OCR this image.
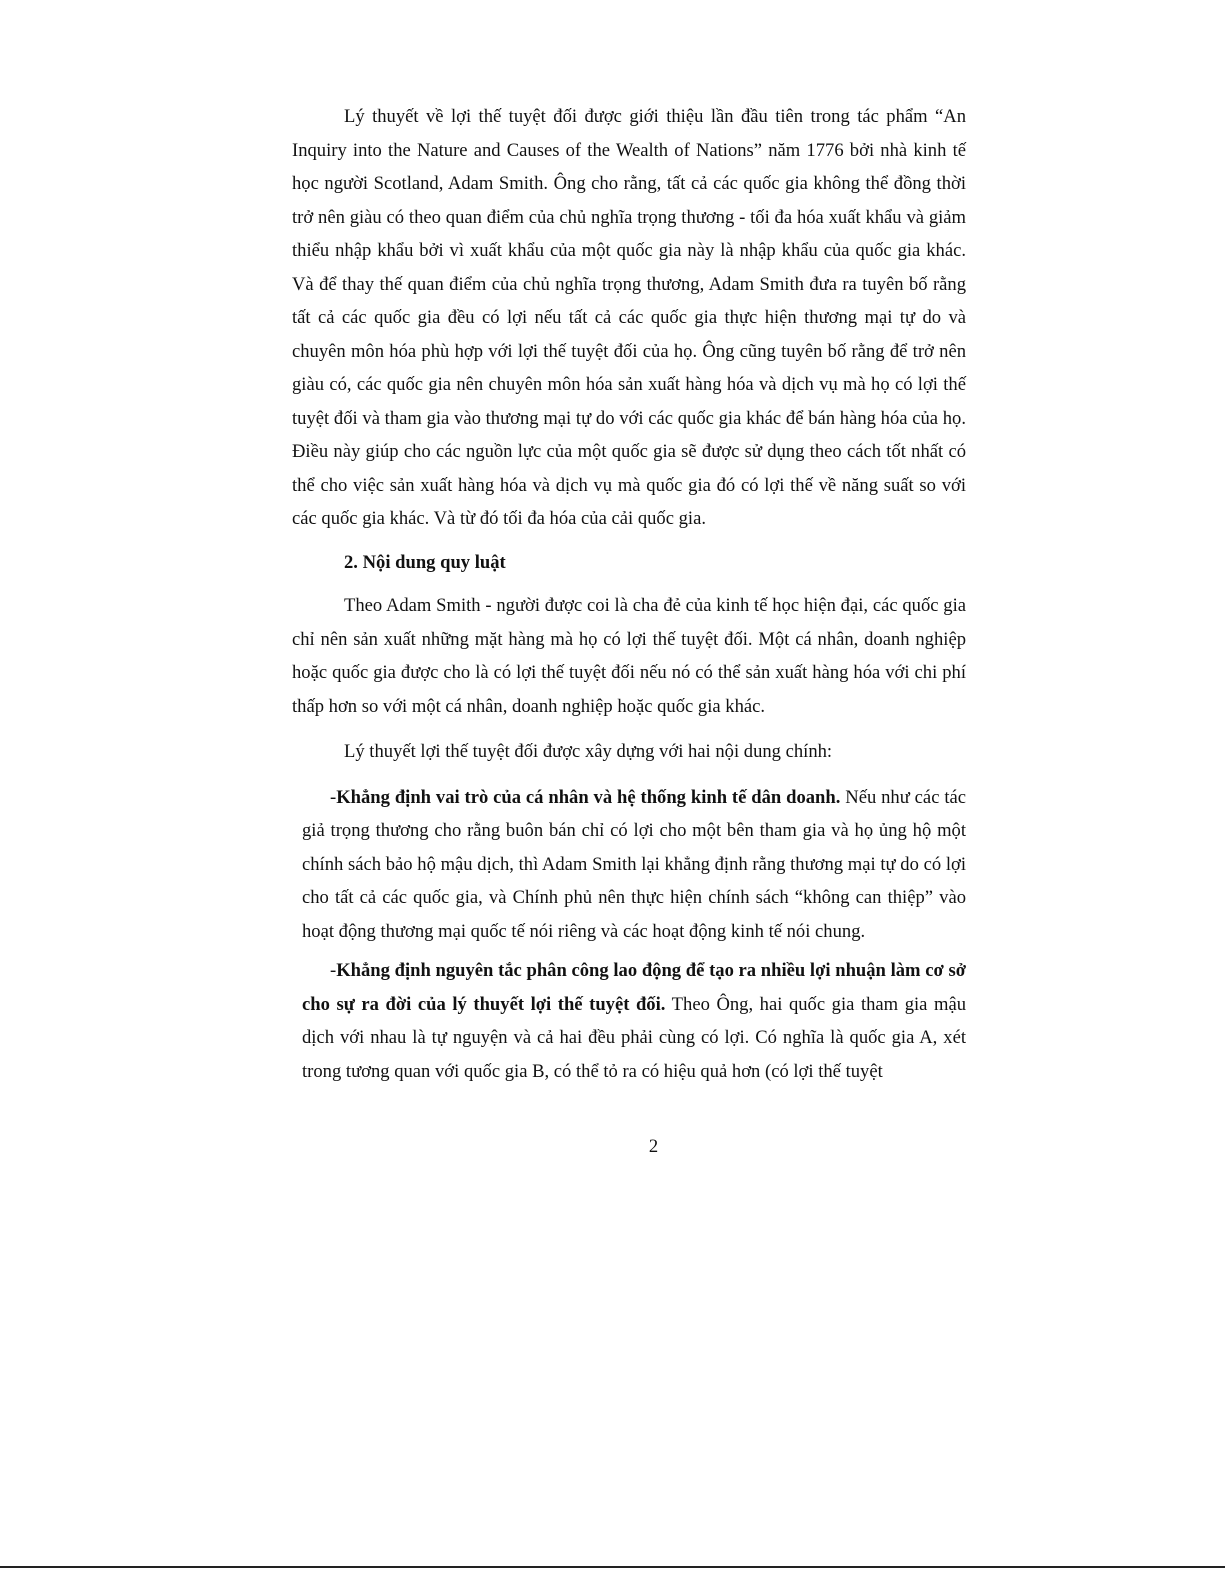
Lý thuyết về lợi thế tuyệt đối được giới thiệu lần đầu tiên trong tác phẩm “An Inquiry into the Nature and Causes of the Wealth of Nations” năm 1776 bởi nhà kinh tế học người Scotland, Adam Smith. Ông cho rằng, tất cả các quốc gia không thể đồng thời trở nên giàu có theo quan điểm của chủ nghĩa trọng thương - tối đa hóa xuất khẩu và giảm thiểu nhập khẩu bởi vì xuất khẩu của một quốc gia này là nhập khẩu của quốc gia khác. Và để thay thế quan điểm của chủ nghĩa trọng thương, Adam Smith đưa ra tuyên bố rằng tất cả các quốc gia đều có lợi nếu tất cả các quốc gia thực hiện thương mại tự do và chuyên môn hóa phù hợp với lợi thế tuyệt đối của họ. Ông cũng tuyên bố rằng để trở nên giàu có, các quốc gia nên chuyên môn hóa sản xuất hàng hóa và dịch vụ mà họ có lợi thế tuyệt đối và tham gia vào thương mại tự do với các quốc gia khác để bán hàng hóa của họ. Điều này giúp cho các nguồn lực của một quốc gia sẽ được sử dụng theo cách tốt nhất có thể cho việc sản xuất hàng hóa và dịch vụ mà quốc gia đó có lợi thế về năng suất so với các quốc gia khác. Và từ đó tối đa hóa của cải quốc gia.

2. Nội dung quy luật

Theo Adam Smith - người được coi là cha đẻ của kinh tế học hiện đại, các quốc gia chỉ nên sản xuất những mặt hàng mà họ có lợi thế tuyệt đối. Một cá nhân, doanh nghiệp hoặc quốc gia được cho là có lợi thế tuyệt đối nếu nó có thể sản xuất hàng hóa với chi phí thấp hơn so với một cá nhân, doanh nghiệp hoặc quốc gia khác.

Lý thuyết lợi thế tuyệt đối được xây dựng với hai nội dung chính:

-Khẳng định vai trò của cá nhân và hệ thống kinh tế dân doanh. Nếu như các tác giả trọng thương cho rằng buôn bán chỉ có lợi cho một bên tham gia và họ ủng hộ một chính sách bảo hộ mậu dịch, thì Adam Smith lại khẳng định rằng thương mại tự do có lợi cho tất cả các quốc gia, và Chính phủ nên thực hiện chính sách “không can thiệp” vào hoạt động thương mại quốc tế nói riêng và các hoạt động kinh tế nói chung.

-Khẳng định nguyên tắc phân công lao động để tạo ra nhiều lợi nhuận làm cơ sở cho sự ra đời của lý thuyết lợi thế tuyệt đối. Theo Ông, hai quốc gia tham gia mậu dịch với nhau là tự nguyện và cả hai đều phải cùng có lợi. Có nghĩa là quốc gia A, xét trong tương quan với quốc gia B, có thể tỏ ra có hiệu quả hơn (có lợi thế tuyệt

2
